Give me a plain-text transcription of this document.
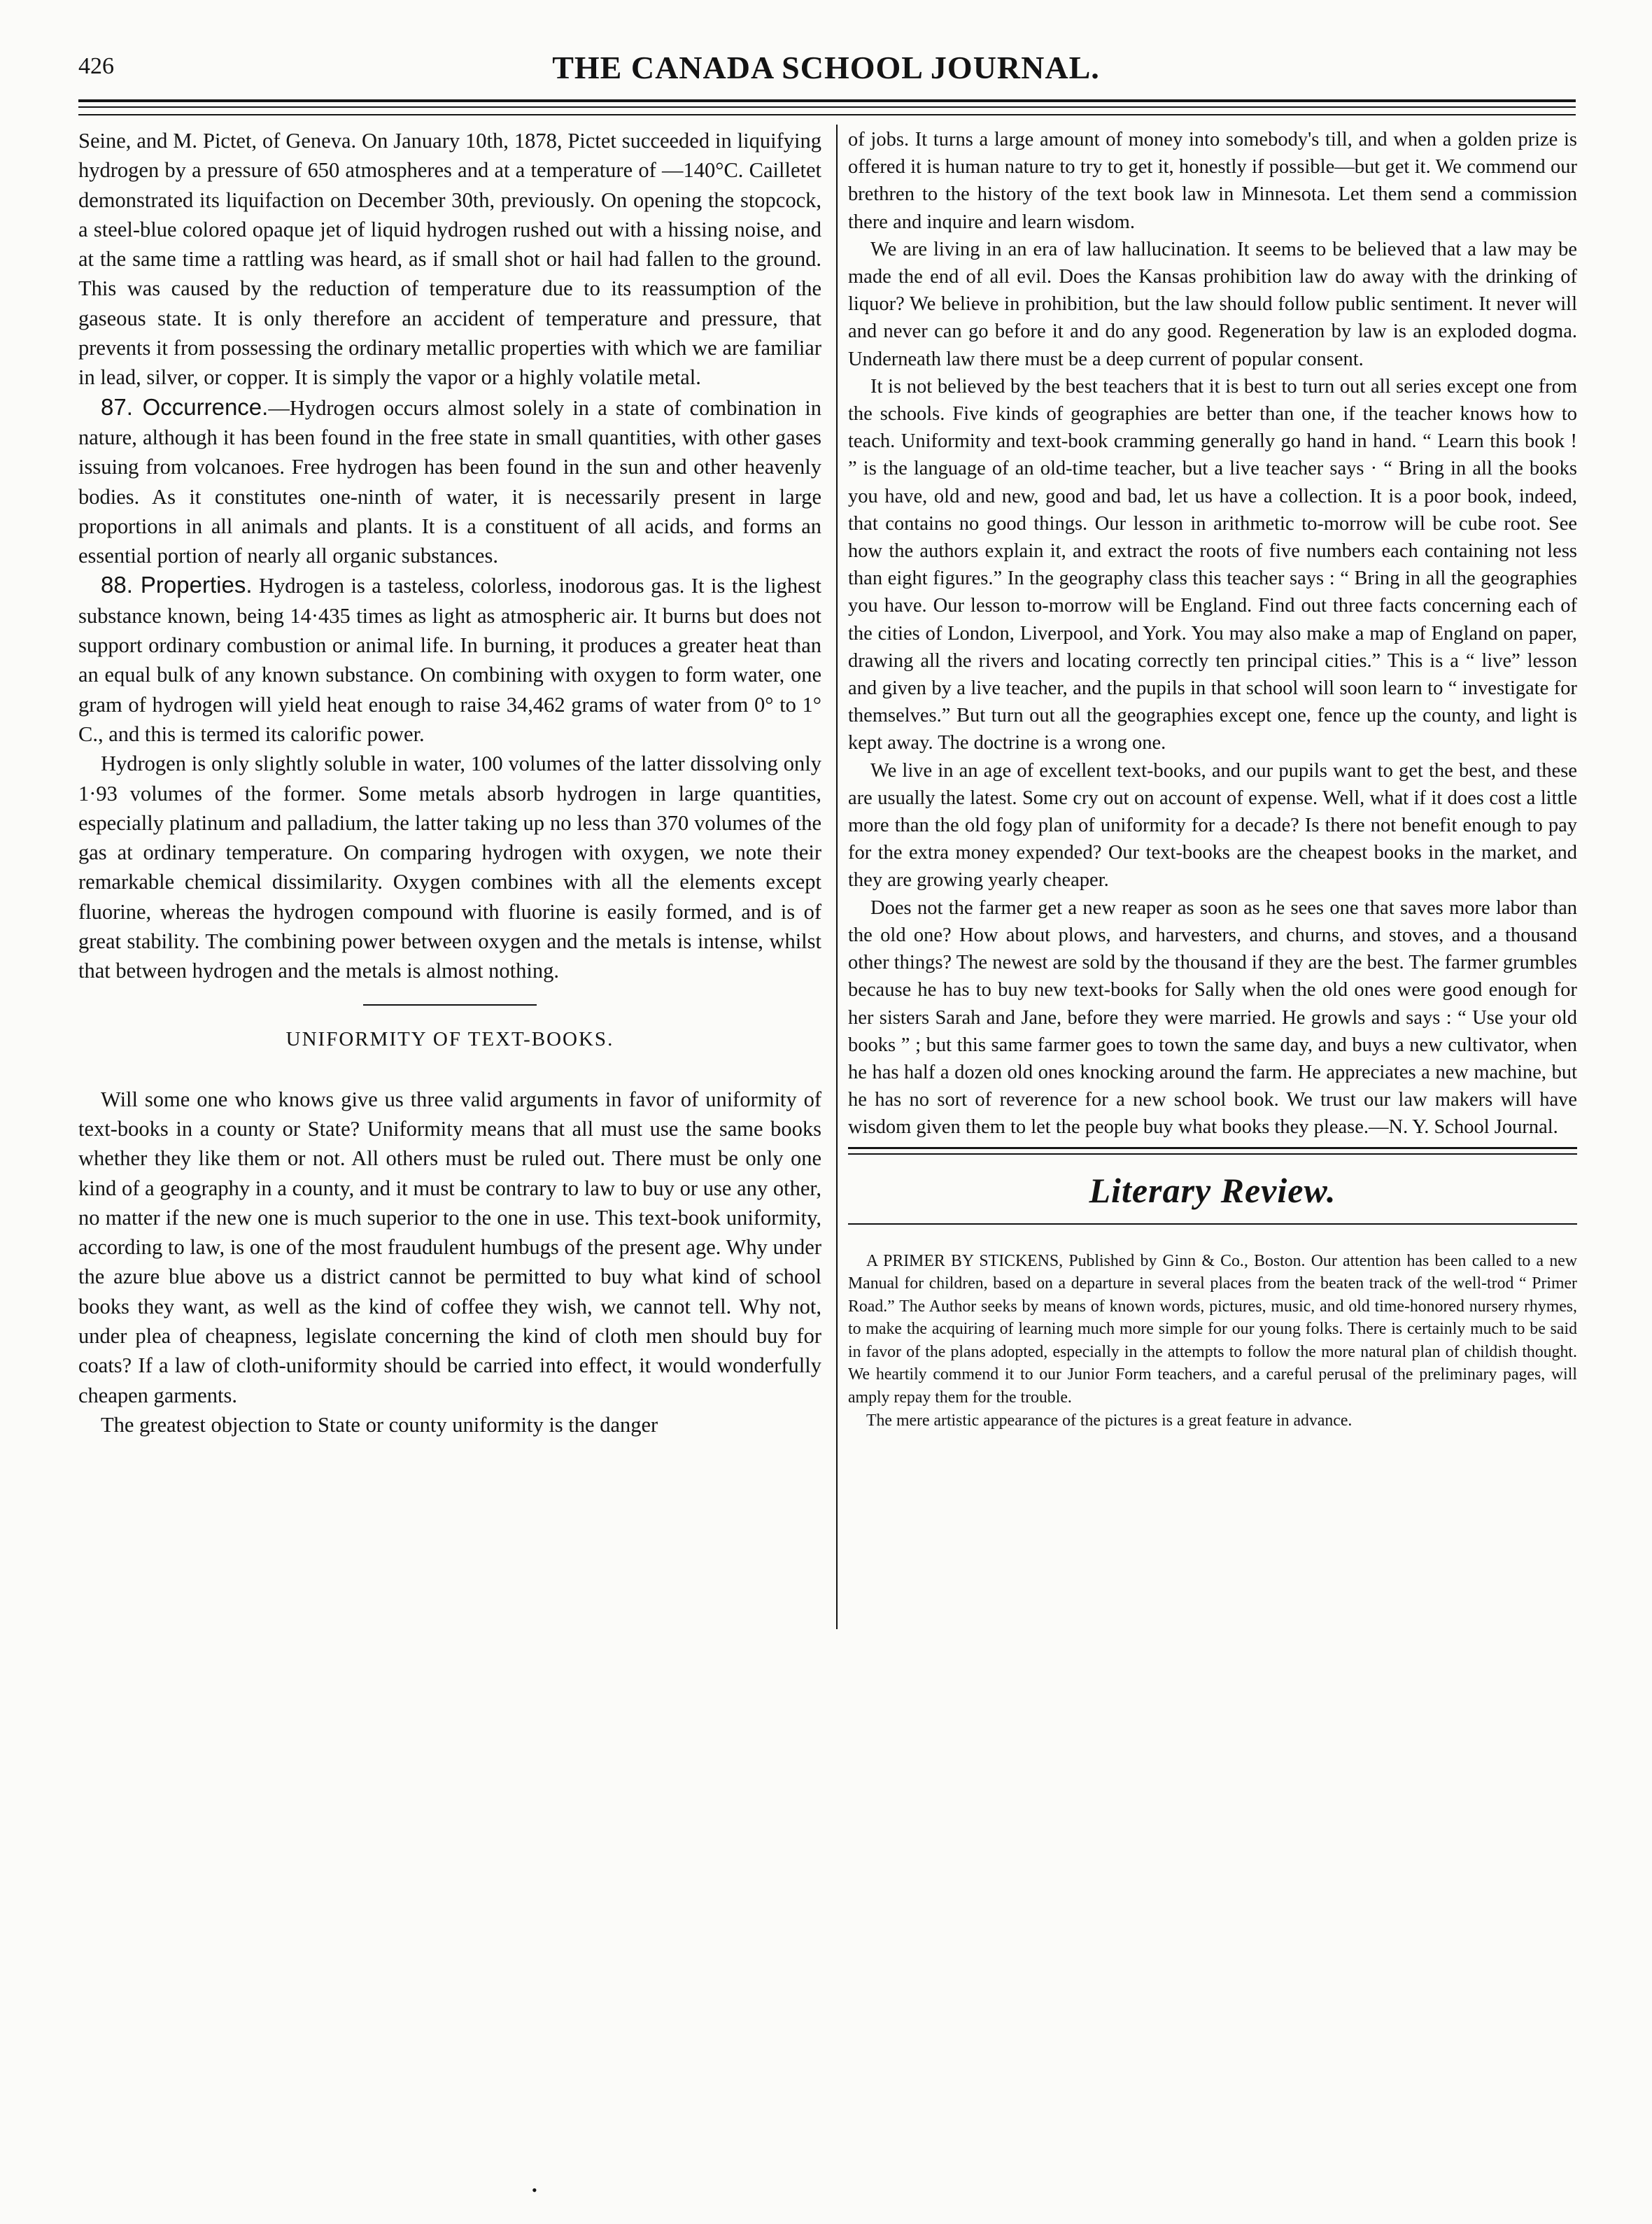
426	THE CANADA SCHOOL JOURNAL.

Seine, and M. Pictet, of Geneva. On January 10th, 1878, Pictet succeeded in liquifying hydrogen by a pressure of 650 atmospheres and at a temperature of —140°C. Cailletet demonstrated its liquifaction on December 30th, previously. On opening the stopcock, a steel-blue colored opaque jet of liquid hydrogen rushed out with a hissing noise, and at the same time a rattling was heard, as if small shot or hail had fallen to the ground. This was caused by the reduction of temperature due to its reassumption of the gaseous state. It is only therefore an accident of temperature and pressure, that prevents it from possessing the ordinary metallic properties with which we are familiar in lead, silver, or copper. It is simply the vapor or a highly volatile metal.

87. Occurrence.—Hydrogen occurs almost solely in a state of combination in nature, although it has been found in the free state in small quantities, with other gases issuing from volcanoes. Free hydrogen has been found in the sun and other heavenly bodies. As it constitutes one-ninth of water, it is necessarily present in large proportions in all animals and plants. It is a constituent of all acids, and forms an essential portion of nearly all organic substances.

88. Properties. Hydrogen is a tasteless, colorless, inodorous gas. It is the lighest substance known, being 14·435 times as light as atmospheric air. It burns but does not support ordinary combustion or animal life. In burning, it produces a greater heat than an equal bulk of any known substance. On combining with oxygen to form water, one gram of hydrogen will yield heat enough to raise 34,462 grams of water from 0° to 1° C., and this is termed its calorific power.

Hydrogen is only slightly soluble in water, 100 volumes of the latter dissolving only 1·93 volumes of the former. Some metals absorb hydrogen in large quantities, especially platinum and palladium, the latter taking up no less than 370 volumes of the gas at ordinary temperature. On comparing hydrogen with oxygen, we note their remarkable chemical dissimilarity. Oxygen combines with all the elements except fluorine, whereas the hydrogen compound with fluorine is easily formed, and is of great stability. The combining power between oxygen and the metals is intense, whilst that between hydrogen and the metals is almost nothing.

UNIFORMITY OF TEXT-BOOKS.

Will some one who knows give us three valid arguments in favor of uniformity of text-books in a county or State? Uniformity means that all must use the same books whether they like them or not. All others must be ruled out. There must be only one kind of a geography in a county, and it must be contrary to law to buy or use any other, no matter if the new one is much superior to the one in use. This text-book uniformity, according to law, is one of the most fraudulent humbugs of the present age. Why under the azure blue above us a district cannot be permitted to buy what kind of school books they want, as well as the kind of coffee they wish, we cannot tell. Why not, under plea of cheapness, legislate concerning the kind of cloth men should buy for coats? If a law of cloth-uniformity should be carried into effect, it would wonderfully cheapen garments.

The greatest objection to State or county uniformity is the danger

of jobs. It turns a large amount of money into somebody's till, and when a golden prize is offered it is human nature to try to get it, honestly if possible—but get it. We commend our brethren to the history of the text book law in Minnesota. Let them send a commission there and inquire and learn wisdom.

We are living in an era of law hallucination. It seems to be believed that a law may be made the end of all evil. Does the Kansas prohibition law do away with the drinking of liquor? We believe in prohibition, but the law should follow public sentiment. It never will and never can go before it and do any good. Regeneration by law is an exploded dogma. Underneath law there must be a deep current of popular consent.

It is not believed by the best teachers that it is best to turn out all series except one from the schools. Five kinds of geographies are better than one, if the teacher knows how to teach. Uniformity and text-book cramming generally go hand in hand. “ Learn this book ! ” is the language of an old-time teacher, but a live teacher says · “ Bring in all the books you have, old and new, good and bad, let us have a collection. It is a poor book, indeed, that contains no good things. Our lesson in arithmetic to-morrow will be cube root. See how the authors explain it, and extract the roots of five numbers each containing not less than eight figures.” In the geography class this teacher says : “ Bring in all the geographies you have. Our lesson to-morrow will be England. Find out three facts concerning each of the cities of London, Liverpool, and York. You may also make a map of England on paper, drawing all the rivers and locating correctly ten principal cities.” This is a “ live” lesson and given by a live teacher, and the pupils in that school will soon learn to “ investigate for themselves.” But turn out all the geographies except one, fence up the county, and light is kept away. The doctrine is a wrong one.

We live in an age of excellent text-books, and our pupils want to get the best, and these are usually the latest. Some cry out on account of expense. Well, what if it does cost a little more than the old fogy plan of uniformity for a decade? Is there not benefit enough to pay for the extra money expended? Our text-books are the cheapest books in the market, and they are growing yearly cheaper.

Does not the farmer get a new reaper as soon as he sees one that saves more labor than the old one? How about plows, and harvesters, and churns, and stoves, and a thousand other things? The newest are sold by the thousand if they are the best. The farmer grumbles because he has to buy new text-books for Sally when the old ones were good enough for her sisters Sarah and Jane, before they were married. He growls and says : “ Use your old books ” ; but this same farmer goes to town the same day, and buys a new cultivator, when he has half a dozen old ones knocking around the farm. He appreciates a new machine, but he has no sort of reverence for a new school book. We trust our law makers will have wisdom given them to let the people buy what books they please.—N. Y. School Journal.

Literary Review.

A PRIMER BY STICKENS, Published by Ginn & Co., Boston. Our attention has been called to a new Manual for children, based on a departure in several places from the beaten track of the well-trod “ Primer Road.” The Author seeks by means of known words, pictures, music, and old time-honored nursery rhymes, to make the acquiring of learning much more simple for our young folks. There is certainly much to be said in favor of the plans adopted, especially in the attempts to follow the more natural plan of childish thought. We heartily commend it to our Junior Form teachers, and a careful perusal of the preliminary pages, will amply repay them for the trouble.

The mere artistic appearance of the pictures is a great feature in advance.

•
